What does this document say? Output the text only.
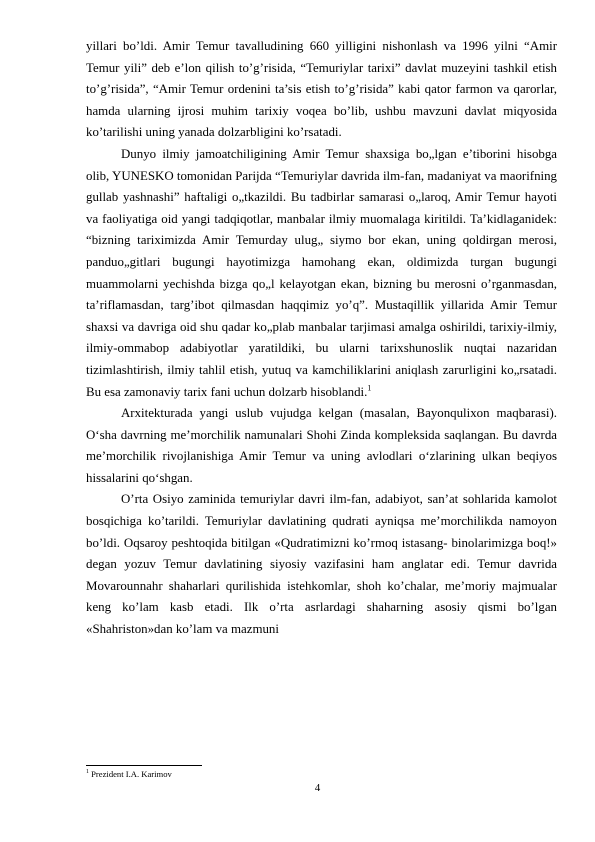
yillari bo’ldi. Amir Temur tavalludining 660 yilligini nishonlash va 1996 yilni “Amir Temur yili” deb e’lon qilish to’g’risida, “Temuriylar tarixi” davlat muzeyini tashkil etish to’g’risida”, “Amir Temur ordenini ta’sis etish to’g’risida” kabi qator farmon va qarorlar, hamda ularning ijrosi muhim tarixiy voqea bo’lib, ushbu mavzuni davlat miqyosida ko’tarilishi uning yanada dolzarbligini ko’rsatadi.

Dunyo ilmiy jamoatchiligining Amir Temur shaxsiga bo„lgan e’tiborini hisobga olib, YUNESKO tomonidan Parijda “Temuriylar davrida ilm-fan, madaniyat va maorifning gullab yashnashi” haftaligi o„tkazildi. Bu tadbirlar samarasi o„laroq, Amir Temur hayoti va faoliyatiga oid yangi tadqiqotlar, manbalar ilmiy muomalaga kiritildi. Ta’kidlaganidek: “bizning tariximizda Amir Temurday ulug„ siymo bor ekan, uning qoldirgan merosi, panduo„gitlari bugungi hayotimizga hamohang ekan, oldimizda turgan bugungi muammolarni yechishda bizga qo„l kelayotgan ekan, bizning bu merosni o’rganmasdan, ta’riflamasdan, targ’ibot qilmasdan haqqimiz yo’q”. Mustaqillik yillarida Amir Temur shaxsi va davriga oid shu qadar ko„plab manbalar tarjimasi amalga oshirildi, tarixiy-ilmiy, ilmiy-ommabop adabiyotlar yaratildiki, bu ularni tarixshunoslik nuqtai nazaridan tizimlashtirish, ilmiy tahlil etish, yutuq va kamchiliklarini aniqlash zarurligini ko„rsatadi. Bu esa zamonaviy tarix fani uchun dolzarb hisoblandi.$^1$

Arxitekturada yangi uslub vujudga kelgan (masalan, Bayonqulixon maqbarasi). O‘sha davrning me’morchilik namunalari Shohi Zinda kompleksida saqlangan. Bu davrda me’morchilik rivojlanishiga Amir Temur va uning avlodlari o‘zlarining ulkan beqiyos hissalarini qo‘shgan.

O’rta Osiyo zaminida temuriylar davri ilm-fan, adabiyot, san’at sohlarida kamolot bosqichiga ko’tarildi. Temuriylar davlatining qudrati ayniqsa me’morchilikda namoyon bo’ldi. Oqsaroy peshtoqida bitilgan «Qudratimizni ko’rmoq istasang- binolarimizga boq!» degan yozuv Temur davlatining siyosiy vazifasini ham anglatar edi. Temur davrida Movarounnahr shaharlari qurilishida istehkomlar, shoh ko’chalar, me’moriy majmualar keng ko’lam kasb etadi. Ilk o’rta asrlardagi shaharning asosiy qismi bo’lgan «Shahriston»dan ko’lam va mazmuni

$^1$ Prezident I.A. Karimov
4
